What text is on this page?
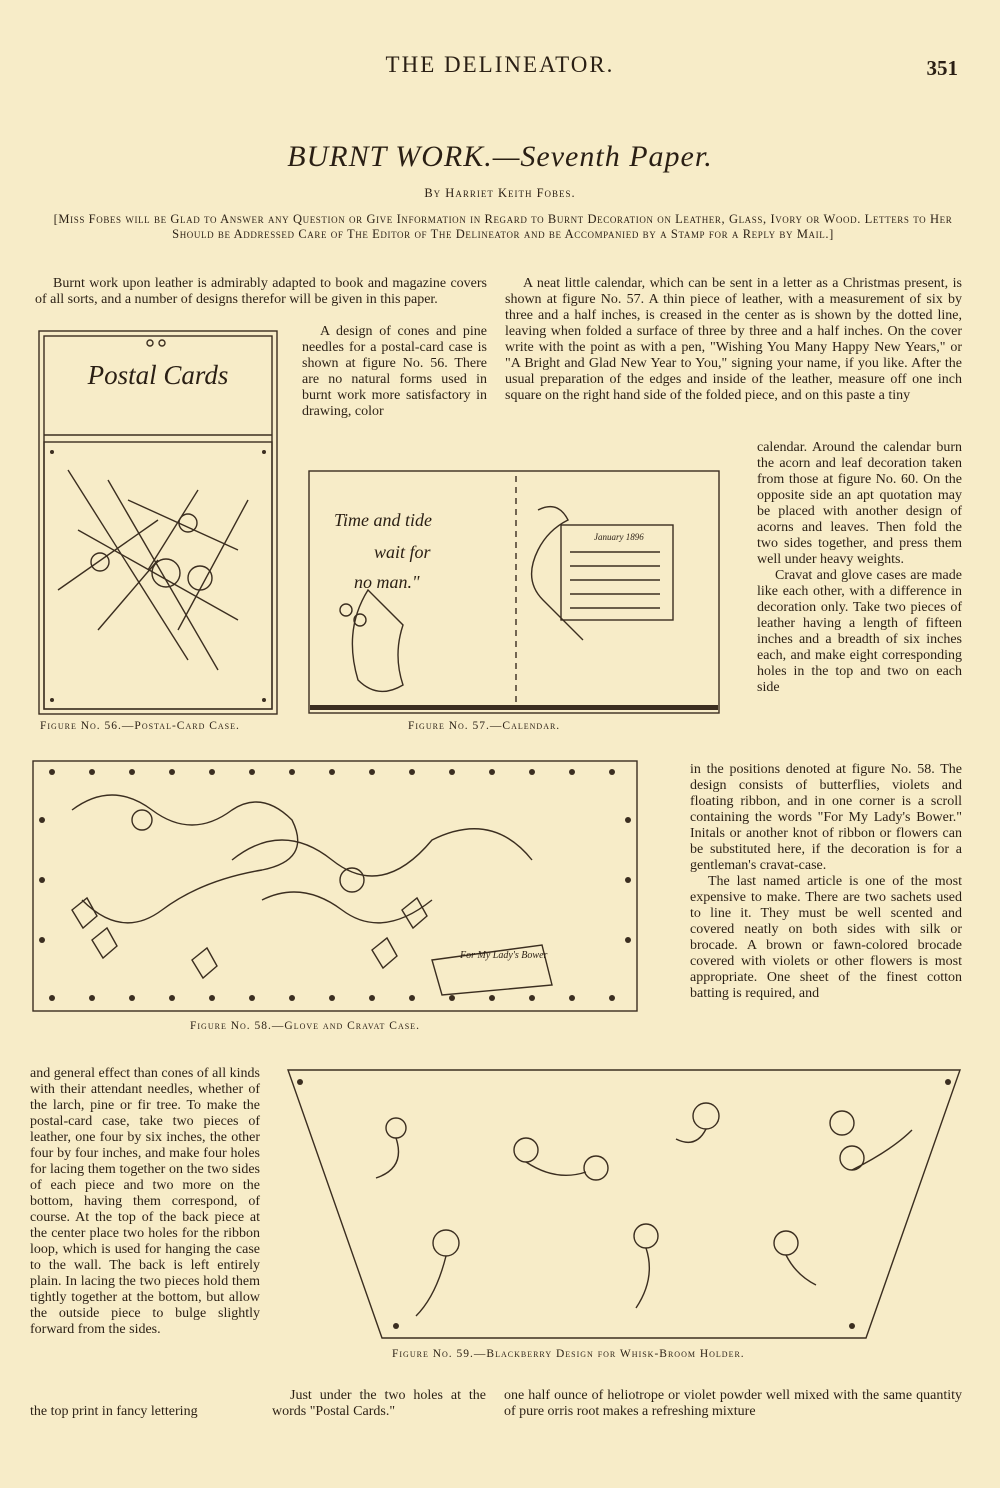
THE DELINEATOR.	351
BURNT WORK.—Seventh Paper.
By Harriet Keith Fobes.
[Miss Fobes will be Glad to Answer any Question or Give Information in Regard to Burnt Decoration on Leather, Glass, Ivory or Wood. Letters to Her Should be Addressed Care of The Editor of The Delineator and be Accompanied by a Stamp for a Reply by Mail.]

Burnt work upon leather is admirably adapted to book and magazine covers of all sorts, and a number of designs therefor will be given in this paper.

A design of cones and pine needles for a postal-card case is shown at figure No. 56. There are no natural forms used in burnt work more satisfactory in drawing, color

Postal Cards
Figure No. 56.—Postal-Card Case.
Time and tide
wait for
no man."
January 1896
Figure No. 57.—Calendar.

A neat little calendar, which can be sent in a letter as a Christmas present, is shown at figure No. 57. A thin piece of leather, with a measurement of six by three and a half inches, is creased in the center as is shown by the dotted line, leaving when folded a surface of three by three and a half inches. On the cover write with the point as with a pen, "Wishing You Many Happy New Years," or "A Bright and Glad New Year to You," signing your name, if you like. After the usual preparation of the edges and inside of the leather, measure off one inch square on the right hand side of the folded piece, and on this paste a tiny

calendar. Around the calendar burn the acorn and leaf decoration taken from those at figure No. 60. On the opposite side an apt quotation may be placed with another design of acorns and leaves. Then fold the two sides together, and press them well under heavy weights.

Cravat and glove cases are made like each other, with a difference in decoration only. Take two pieces of leather having a length of fifteen inches and a breadth of six inches each, and make eight corresponding holes in the top and two on each side

in the positions denoted at figure No. 58. The design consists of butterflies, violets and floating ribbon, and in one corner is a scroll containing the words "For My Lady's Bower." Initals or another knot of ribbon or flowers can be substituted here, if the decoration is for a gentleman's cravat-case.

The last named article is one of the most expensive to make. There are two sachets used to line it. They must be well scented and covered neatly on both sides with silk or brocade. A brown or fawn-colored brocade covered with violets or other flowers is most appropriate. One sheet of the finest cotton batting is required, and

For My Lady's Bower
Figure No. 58.—Glove and Cravat Case.
Figure No. 59.—Blackberry Design for Whisk-Broom Holder.

and general effect than cones of all kinds with their attendant needles, whether of the larch, pine or fir tree. To make the postal-card case, take two pieces of leather, one four by six inches, the other four by four inches, and make four holes for lacing them together on the two sides of each piece and two more on the bottom, having them correspond, of course. At the top of the back piece at the center place two holes for the ribbon loop, which is used for hanging the case to the wall. The back is left entirely plain. In lacing the two pieces hold them tightly together at the bottom, but allow the outside piece to bulge slightly forward from the sides.

the top print in fancy lettering

Just under the two holes at the words "Postal Cards."

one half ounce of heliotrope or violet powder well mixed with the same quantity of pure orris root makes a refreshing mixture
